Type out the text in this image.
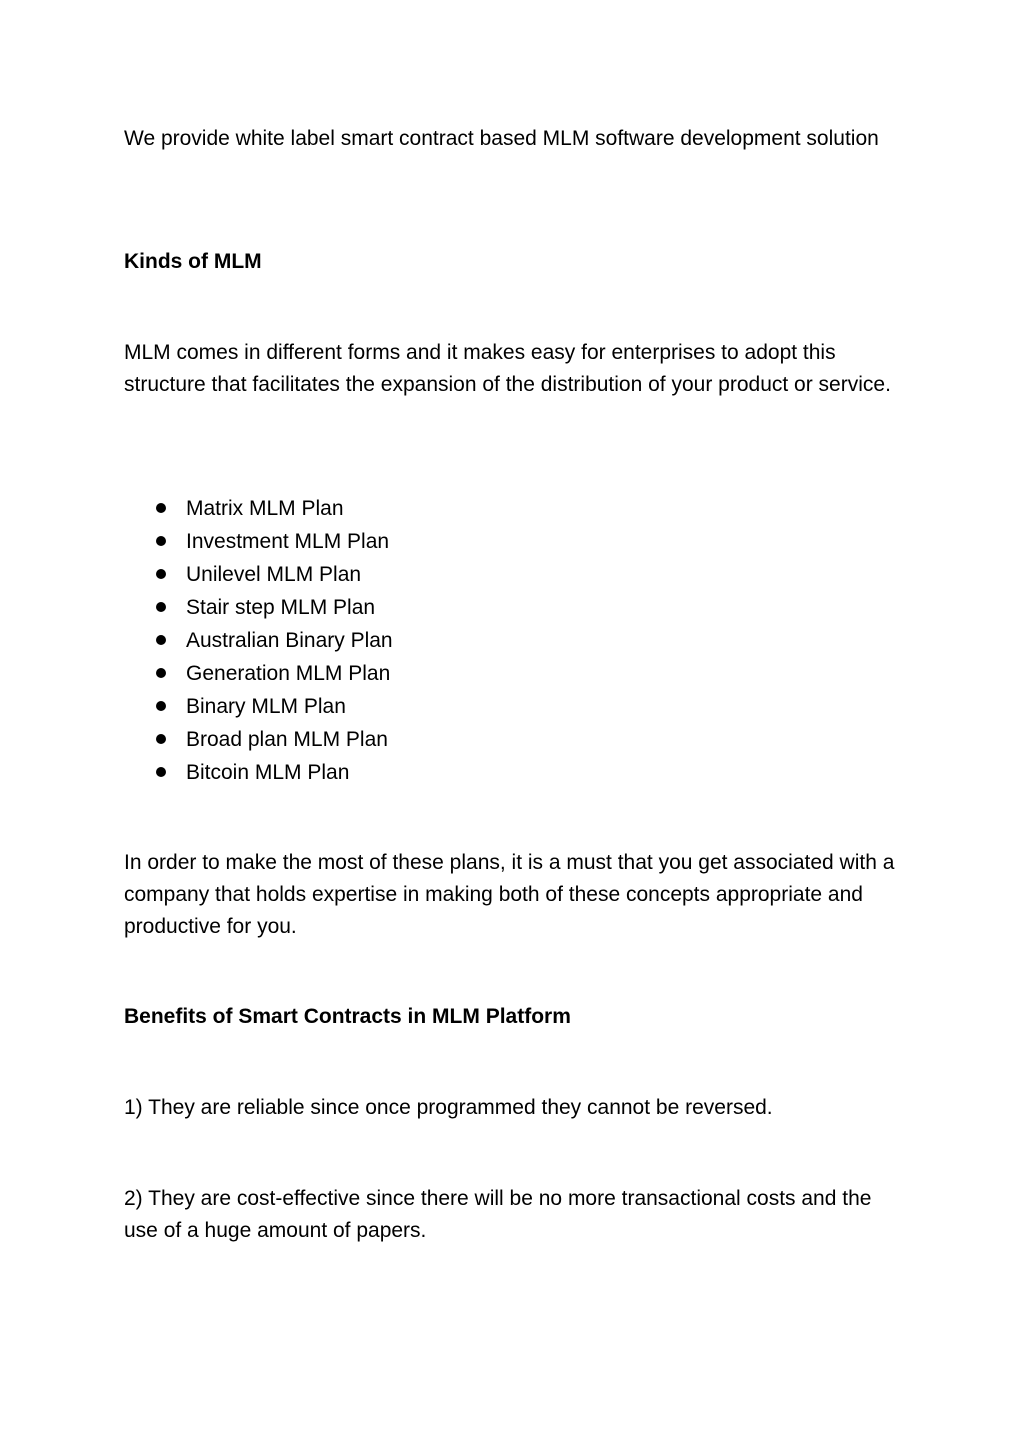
We provide white label smart contract based MLM software development solution

Kinds of MLM

MLM comes in different forms and it makes easy for enterprises to adopt this structure that facilitates the expansion of the distribution of your product or service.

Matrix MLM Plan
Investment MLM Plan
Unilevel MLM Plan
Stair step MLM Plan
Australian Binary Plan
Generation MLM Plan
Binary MLM Plan
Broad plan MLM Plan
Bitcoin MLM Plan

In order to make the most of these plans, it is a must that you get associated with a company that holds expertise in making both of these concepts appropriate and productive for you.

Benefits of Smart Contracts in MLM Platform

1) They are reliable since once programmed they cannot be reversed.

2) They are cost-effective since there will be no more transactional costs and the use of a huge amount of papers.
